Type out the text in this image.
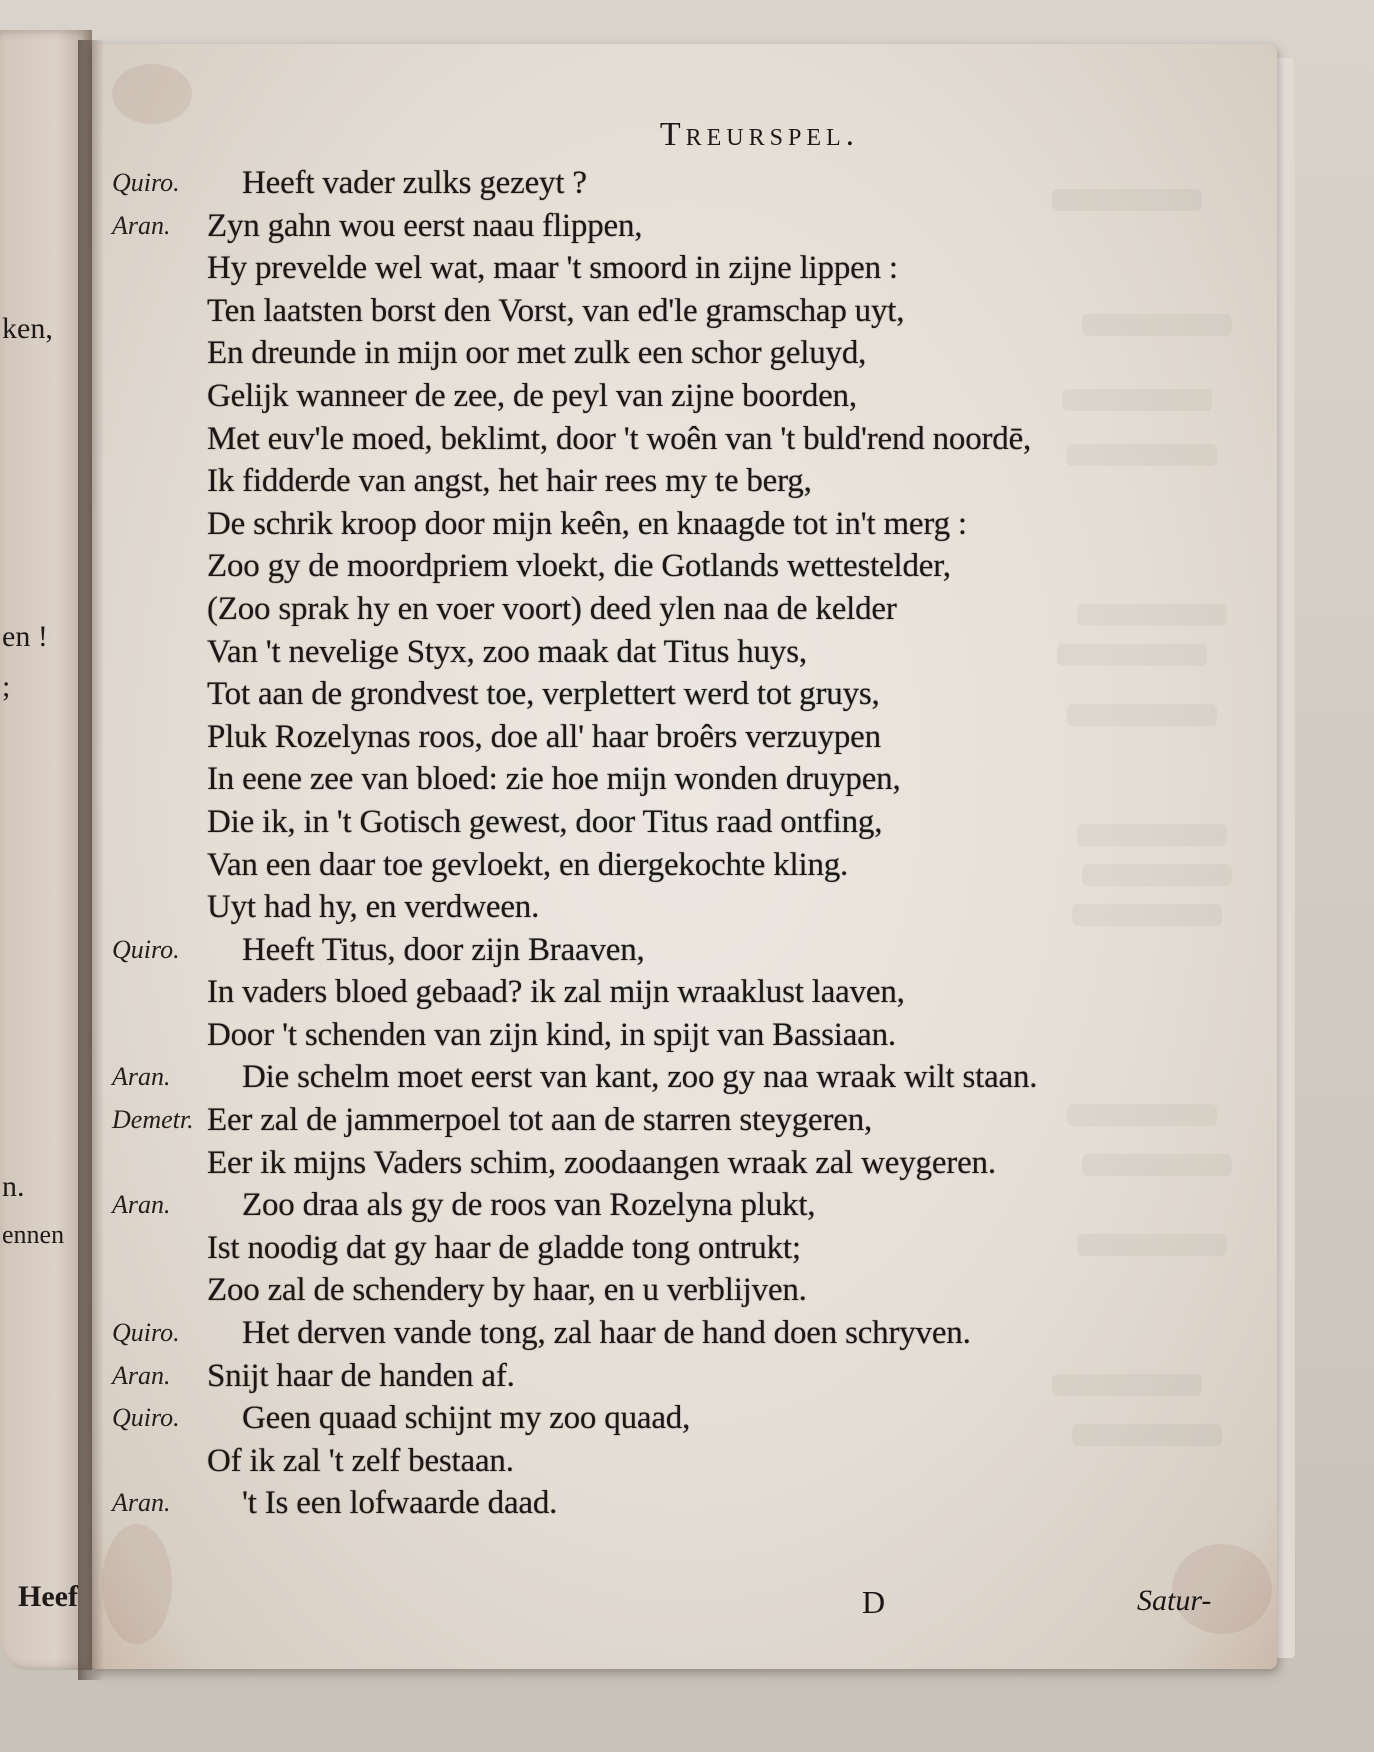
ken,
en !
;
n.
ennen
Heef
Treurspel.
Quiro. Heeft vader zulks gezeyt ?
Aran. Zyn gahn wou eerst naau flippen,
Hy prevelde wel wat, maar 't smoord in zijne lippen :
Ten laatsten borst den Vorst, van ed'le gramschap uyt,
En dreunde in mijn oor met zulk een schor geluyd,
Gelijk wanneer de zee, de peyl van zijne boorden,
Met euv'le moed, beklimt, door 't woên van 't buld'rend noordē,
Ik fidderde van angst, het hair rees my te berg,
De schrik kroop door mijn keên, en knaagde tot in't merg :
Zoo gy de moordpriem vloekt, die Gotlands wettestelder,
(Zoo sprak hy en voer voort) deed ylen naa de kelder
Van 't nevelige Styx, zoo maak dat Titus huys,
Tot aan de grondvest toe, verplettert werd tot gruys,
Pluk Rozelynas roos, doe all' haar broêrs verzuypen
In eene zee van bloed: zie hoe mijn wonden druypen,
Die ik, in 't Gotisch gewest, door Titus raad ontfing,
Van een daar toe gevloekt, en diergekochte kling.
Uyt had hy, en verdween.
Quiro. Heeft Titus, door zijn Braaven,
In vaders bloed gebaad? ik zal mijn wraaklust laaven,
Door 't schenden van zijn kind, in spijt van Bassiaan.
Aran. Die schelm moet eerst van kant, zoo gy naa wraak wilt staan.
Demetr. Eer zal de jammerpoel tot aan de starren steygeren,
Eer ik mijns Vaders schim, zoodaangen wraak zal weygeren.
Aran. Zoo draa als gy de roos van Rozelyna plukt,
Ist noodig dat gy haar de gladde tong ontrukt;
Zoo zal de schendery by haar, en u verblijven.
Quiro. Het derven vande tong, zal haar de hand doen schryven.
Aran. Snijt haar de handen af.
Quiro. Geen quaad schijnt my zoo quaad,
Of ik zal 't zelf bestaan.
Aran. 't Is een lofwaarde daad.
D	Satur-
